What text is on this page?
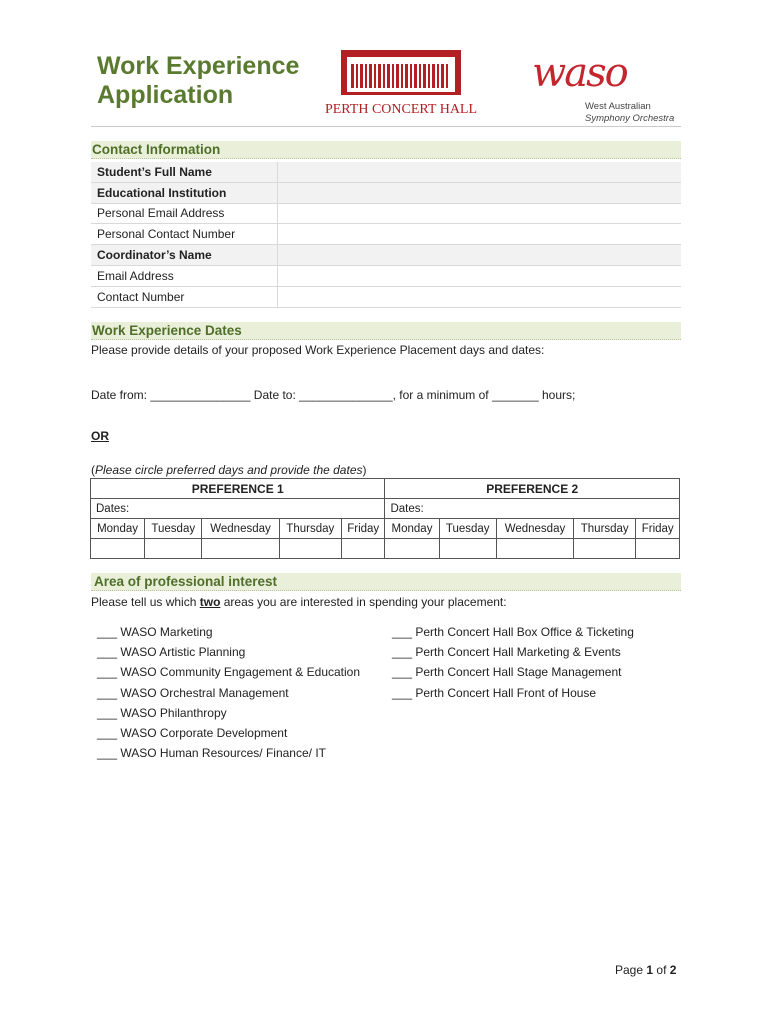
Work Experience
Application
PERTH CONCERT HALL
waso
West Australian
Symphony Orchestra
Contact Information
Student’s Full Name	
Educational Institution	
Personal Email Address	
Personal Contact Number	
Coordinator’s Name	
Email Address	
Contact Number	
Work Experience Dates
Please provide details of your proposed Work Experience Placement days and dates:
Date from: _______________ Date to: ______________, for a minimum of _______ hours;
OR
(Please circle preferred days and provide the dates)
PREFERENCE 1					PREFERENCE 2				
Dates:					Dates:				
Monday	Tuesday	Wednesday	Thursday	Friday	Monday	Tuesday	Wednesday	Thursday	Friday

Area of professional interest
Please tell us which two areas you are interested in spending your placement:
___ WASO Marketing
___ WASO Artistic Planning
___ WASO Community Engagement & Education
___ WASO Orchestral Management
___ WASO Philanthropy
___ WASO Corporate Development
___ WASO Human Resources/ Finance/ IT
___ Perth Concert Hall Box Office & Ticketing
___ Perth Concert Hall Marketing & Events
___ Perth Concert Hall Stage Management
___ Perth Concert Hall Front of House
Page 1 of 2
